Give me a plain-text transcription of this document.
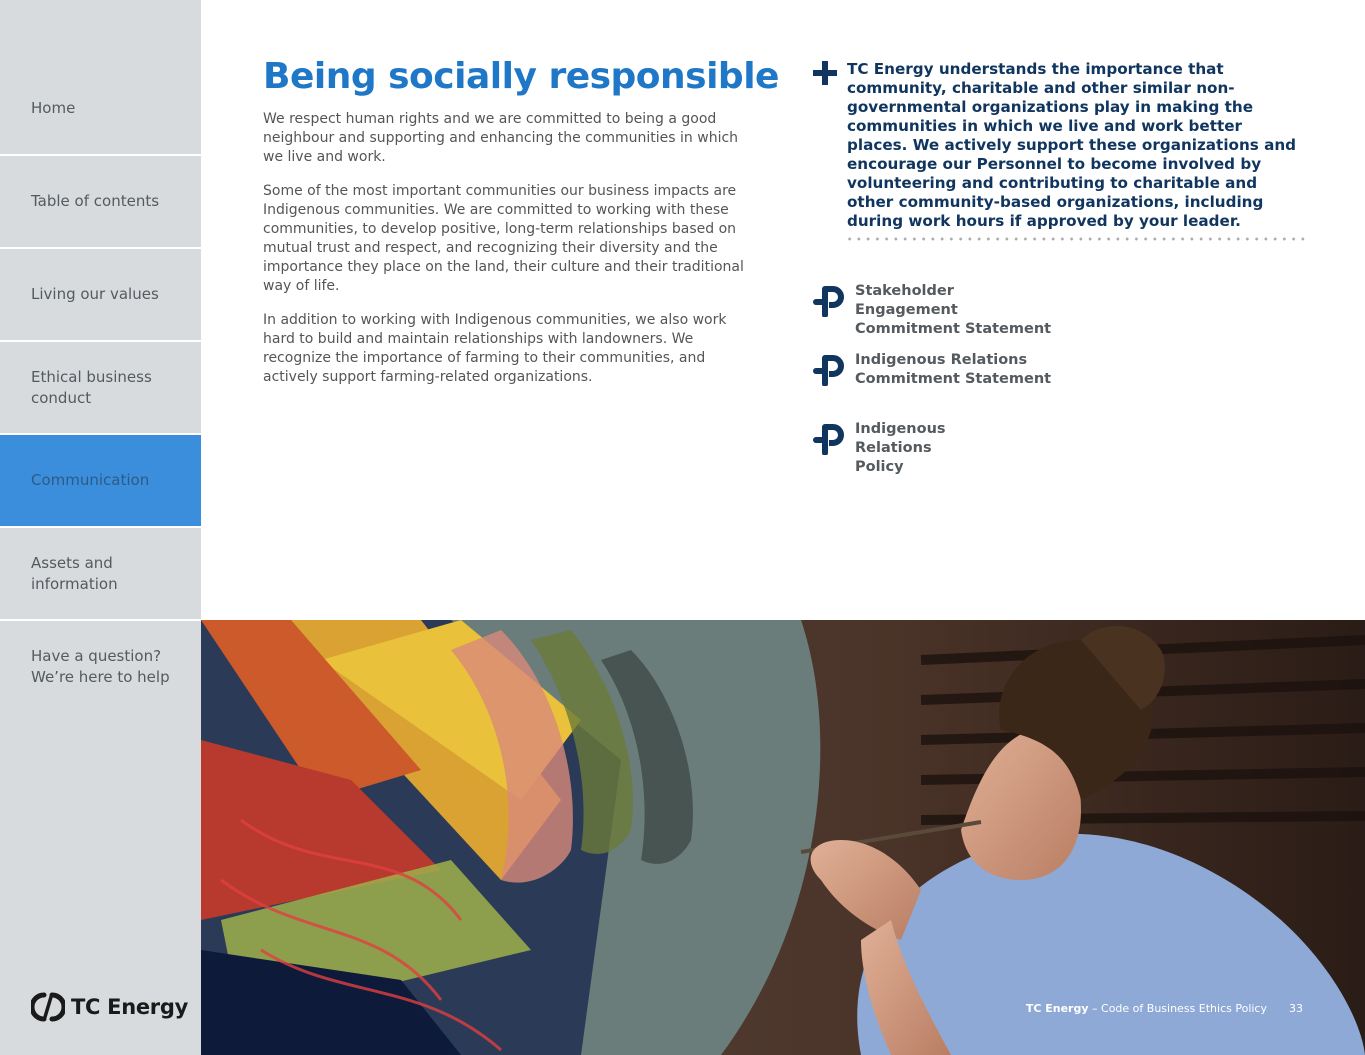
Home
Table of contents
Living our values
Ethical business conduct
Communication
Assets and information
Have a question? We’re here to help
TC Energy
Being socially responsible

We respect human rights and we are committed to being a good neighbour and supporting and enhancing the communities in which we live and work.

Some of the most important communities our business impacts are Indigenous communities. We are committed to working with these communities, to develop positive, long-term relationships based on mutual trust and respect, and recognizing their diversity and the importance they place on the land, their culture and their traditional way of life.

In addition to working with Indigenous communities, we also work hard to build and maintain relationships with landowners. We recognize the importance of farming to their communities, and actively support farming-related organizations.

TC Energy understands the importance that community, charitable and other similar non-governmental organizations play in making the communities in which we live and work better places. We actively support these organizations and encourage our Personnel to become involved by volunteering and contributing to charitable and other community-based organizations, including during work hours if approved by your leader.

Stakeholder Engagement Commitment Statement
Indigenous Relations Commitment Statement
Indigenous Relations Policy
TC Energy – Code of Business Ethics Policy 33
